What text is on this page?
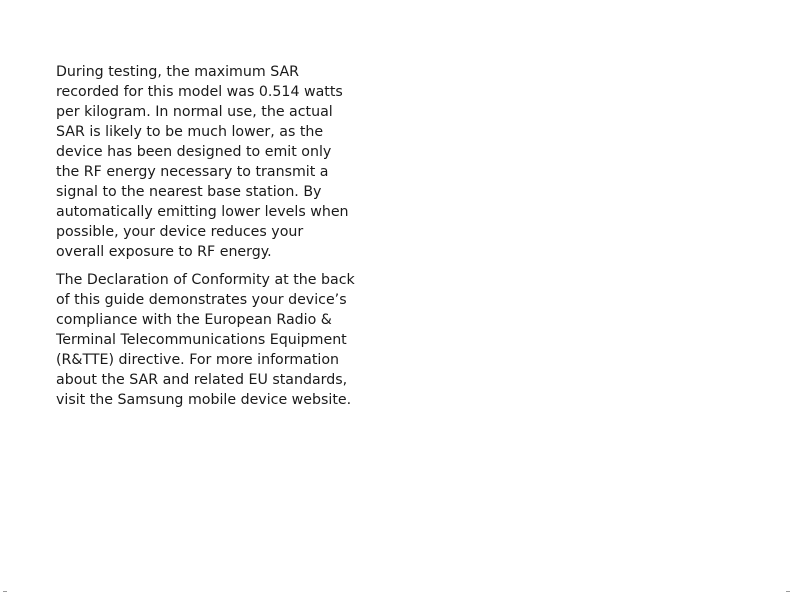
During testing, the maximum SAR
recorded for this model was 0.514 watts
per kilogram. In normal use, the actual
SAR is likely to be much lower, as the
device has been designed to emit only
the RF energy necessary to transmit a
signal to the nearest base station. By
automatically emitting lower levels when
possible, your device reduces your
overall exposure to RF energy.
The Declaration of Conformity at the back
of this guide demonstrates your device’s
compliance with the European Radio &
Terminal Telecommunications Equipment
(R&TTE) directive. For more information
about the SAR and related EU standards,
visit the Samsung mobile device website.
